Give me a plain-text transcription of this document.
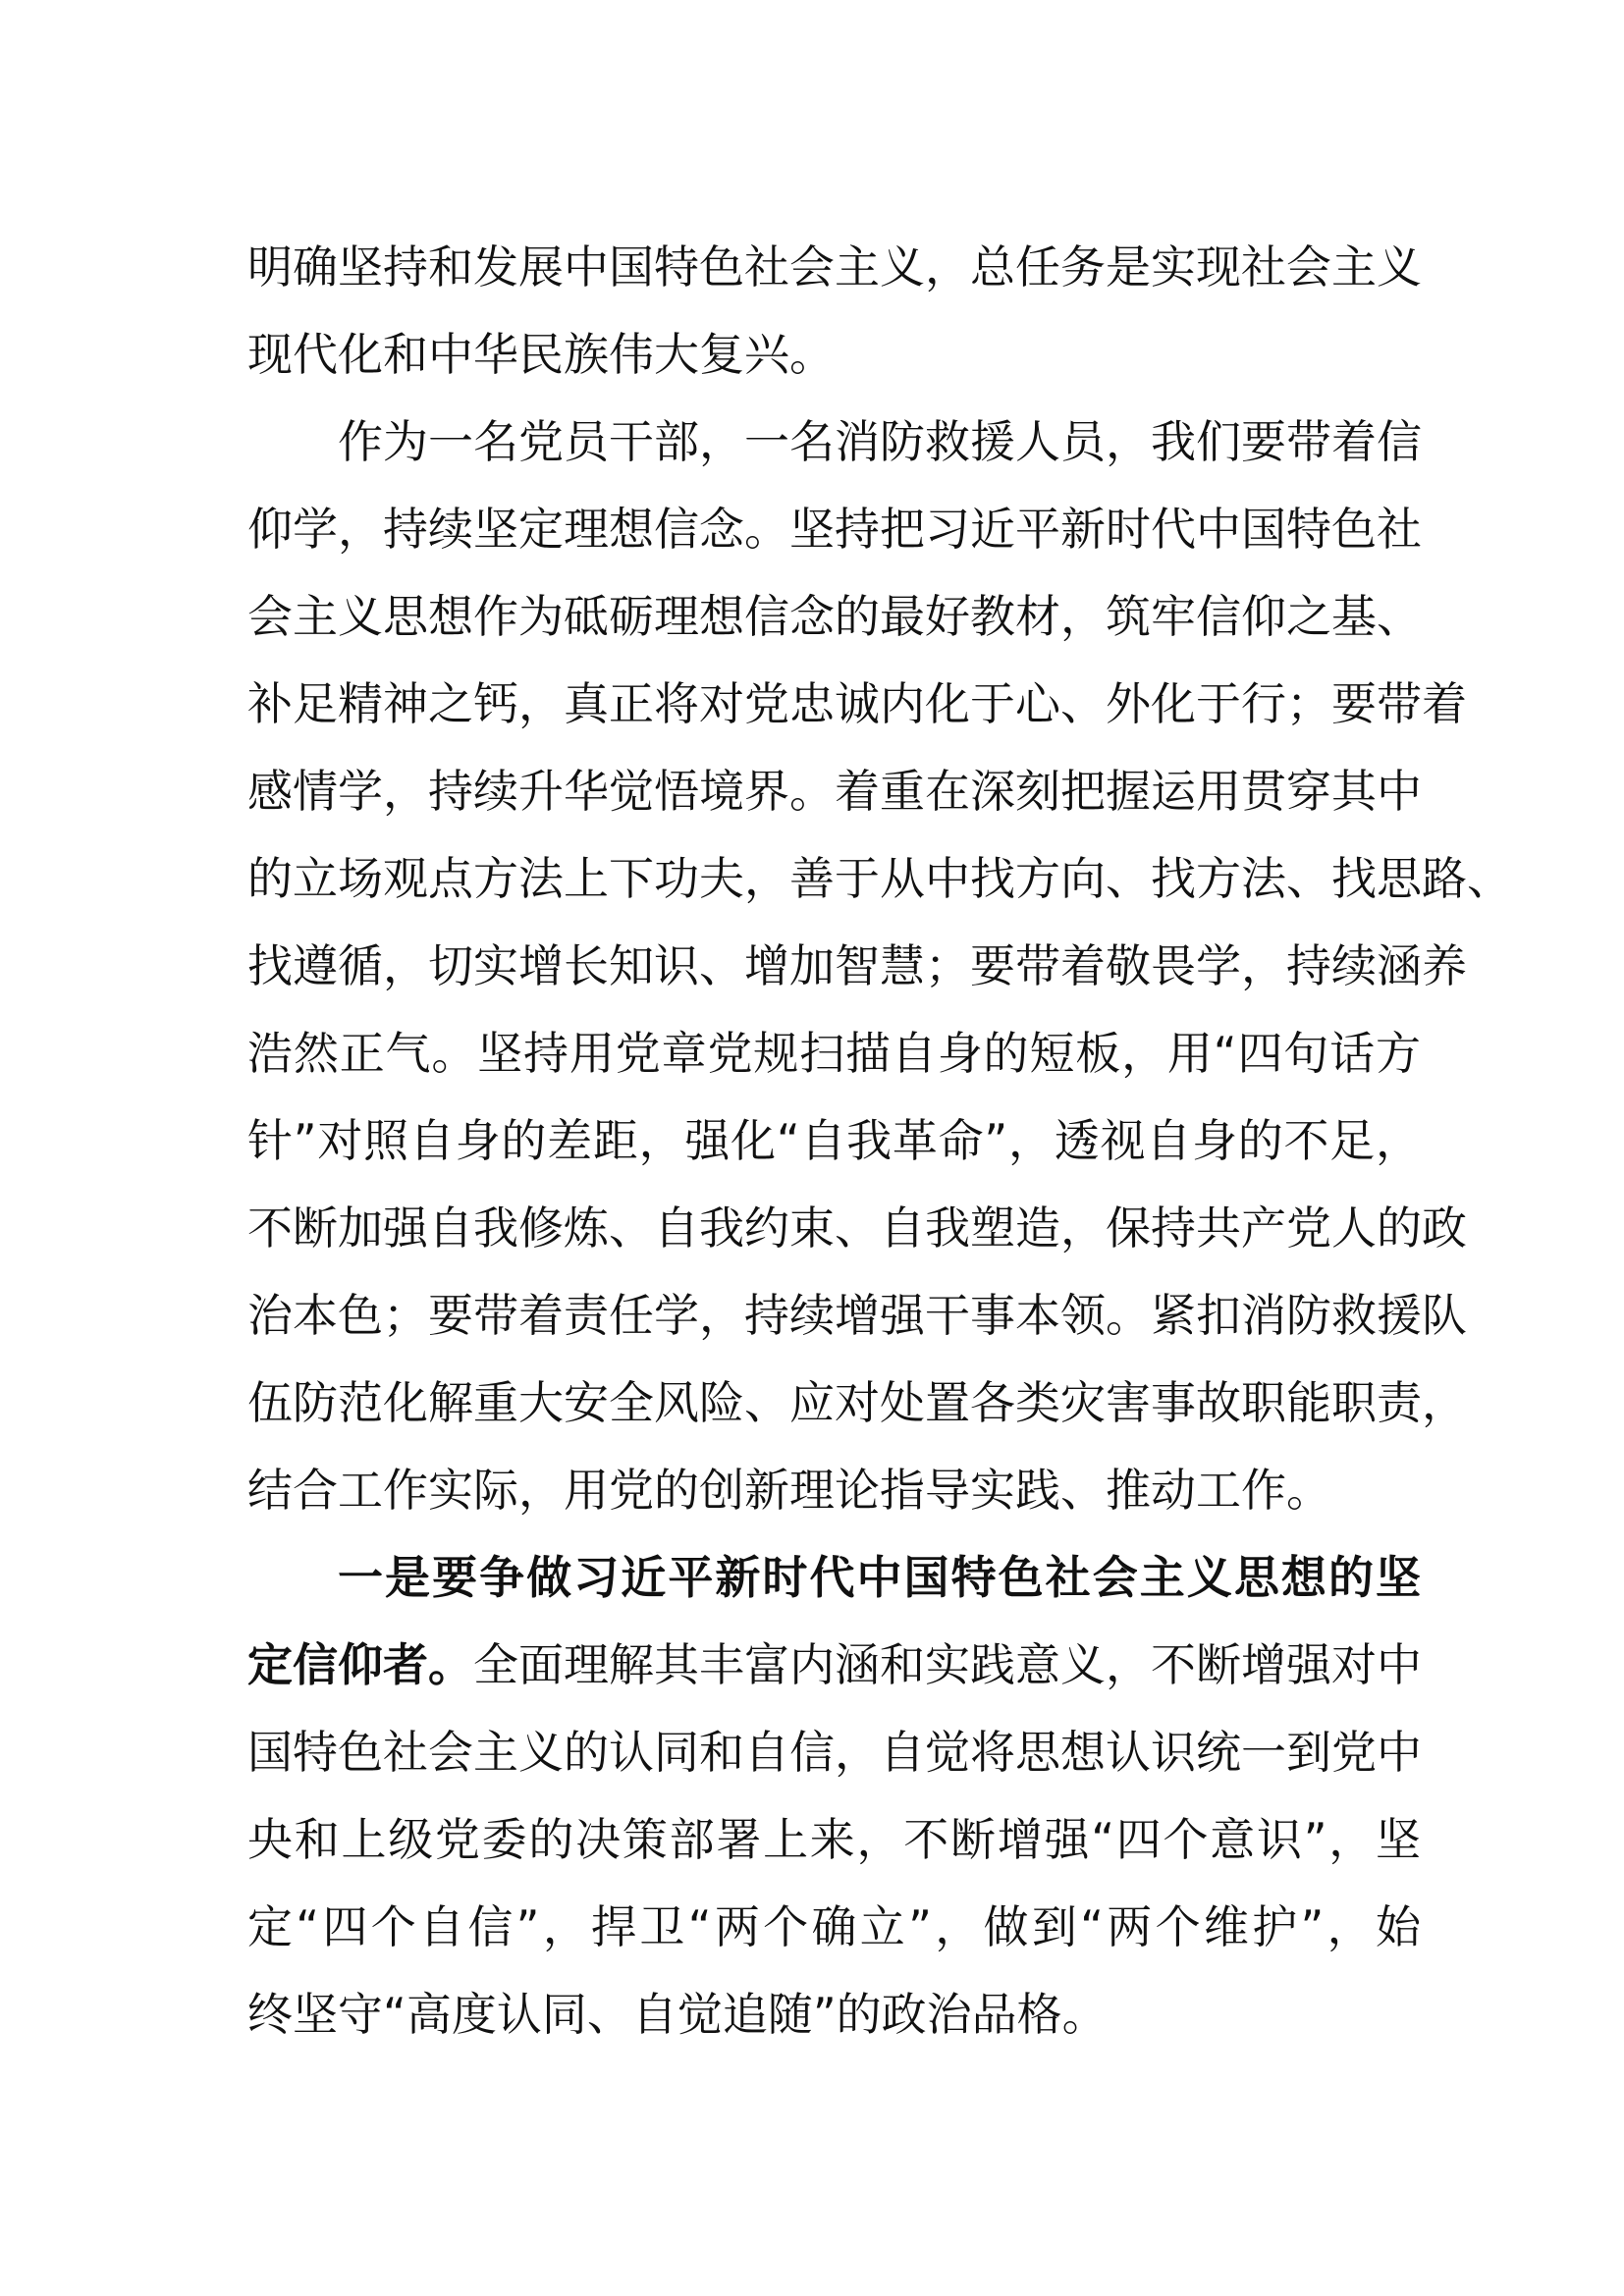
明确坚持和发展中国特色社会主义，总任务是实现社会主义
现代化和中华民族伟大复兴。
作为一名党员干部，一名消防救援人员，我们要带着信
仰学，持续坚定理想信念。坚持把习近平新时代中国特色社
会主义思想作为砥砺理想信念的最好教材，筑牢信仰之基、
补足精神之钙，真正将对党忠诚内化于心、外化于行；要带着
感情学，持续升华觉悟境界。着重在深刻把握运用贯穿其中
的立场观点方法上下功夫，善于从中找方向、找方法、找思路、
找遵循，切实增长知识、增加智慧；要带着敬畏学，持续涵养
浩然正气。坚持用党章党规扫描自身的短板，用“四句话方
针”对照自身的差距，强化“自我革命”，透视自身的不足，
不断加强自我修炼、自我约束、自我塑造，保持共产党人的政
治本色；要带着责任学，持续增强干事本领。紧扣消防救援队
伍防范化解重大安全风险、应对处置各类灾害事故职能职责，
结合工作实际，用党的创新理论指导实践、推动工作。
一是要争做习近平新时代中国特色社会主义思想的坚
定信仰者。全面理解其丰富内涵和实践意义，不断增强对中
国特色社会主义的认同和自信，自觉将思想认识统一到党中
央和上级党委的决策部署上来，不断增强“四个意识”，坚
定“四个自信”，捍卫“两个确立”，做到“两个维护”，始
终坚守“高度认同、自觉追随”的政治品格。
